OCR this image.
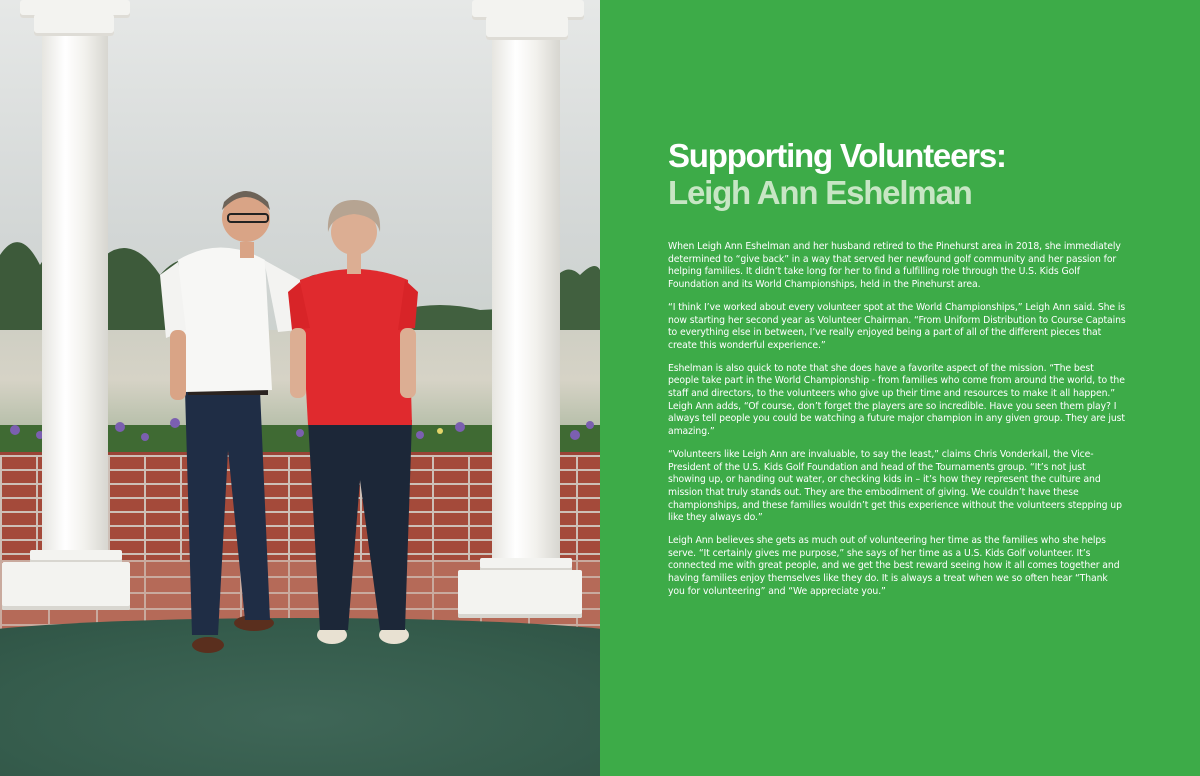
Supporting Volunteers:
Leigh Ann Eshelman

When Leigh Ann Eshelman and her husband retired to the Pinehurst area in 2018, she immediately determined to “give back” in a way that served her newfound golf community and her passion for helping families. It didn’t take long for her to find a fulfilling role through the U.S. Kids Golf Foundation and its World Championships, held in the Pinehurst area.

“I think I’ve worked about every volunteer spot at the World Championships,” Leigh Ann said. She is now starting her second year as Volunteer Chairman. “From Uniform Distribution to Course Captains to everything else in between, I’ve really enjoyed being a part of all of the different pieces that create this wonderful experience.”

Eshelman is also quick to note that she does have a favorite aspect of the mission. “The best people take part in the World Championship - from families who come from around the world, to the staff and directors, to the volunteers who give up their time and resources to make it all happen.” Leigh Ann adds, “Of course, don’t forget the players are so incredible. Have you seen them play? I always tell people you could be watching a future major champion in any given group. They are just amazing.”

“Volunteers like Leigh Ann are invaluable, to say the least,” claims Chris Vonderkall, the Vice-President of the U.S. Kids Golf Foundation and head of the Tournaments group. “It’s not just showing up, or handing out water, or checking kids in – it’s how they represent the culture and mission that truly stands out. They are the embodiment of giving. We couldn’t have these championships, and these families wouldn’t get this experience without the volunteers stepping up like they always do.”

Leigh Ann believes she gets as much out of volunteering her time as the families who she helps serve. “It certainly gives me purpose,” she says of her time as a U.S. Kids Golf volunteer. It’s connected me with great people, and we get the best reward seeing how it all comes together and having families enjoy themselves like they do. It is always a treat when we so often hear “Thank you for volunteering” and “We appreciate you.”
